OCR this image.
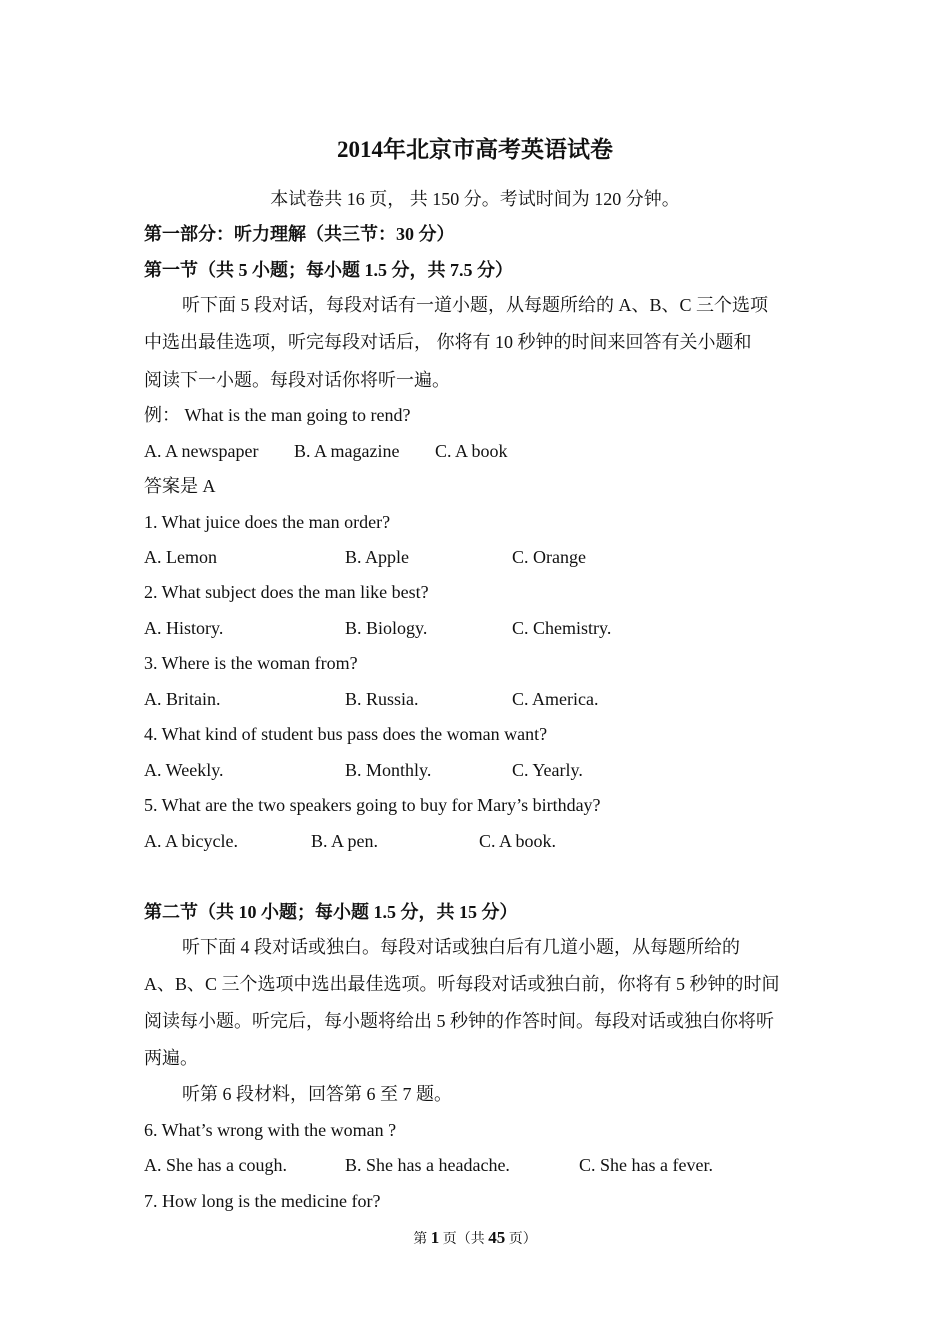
2014年北京市高考英语试卷
本试卷共 16 页， 共 150 分。考试时间为 120 分钟。
第一部分：听力理解（共三节：30 分）
第一节（共 5 小题；每小题 1.5 分，共 7.5 分）
听下面 5 段对话，每段对话有一道小题，从每题所给的 A、B、C 三个选项
中选出最佳选项，听完每段对话后， 你将有 10 秒钟的时间来回答有关小题和
阅读下一小题。每段对话你将听一遍。
例： What is the man going to rend?
A. A newspaper B. A magazine C. A book
答案是 A
1. What juice does the man order?
A. Lemon	B. Apple	C. Orange
2. What subject does the man like best?
A. History.	B. Biology.	C. Chemistry.
3. Where is the woman from?
A. Britain.	B. Russia.	C. America.
4. What kind of student bus pass does the woman want?
A. Weekly.	B. Monthly.	C. Yearly.
5. What are the two speakers going to buy for Mary’s birthday?
A. A bicycle.	B. A pen.	C. A book.
第二节（共 10 小题；每小题 1.5 分，共 15 分）
听下面 4 段对话或独白。每段对话或独白后有几道小题，从每题所给的
A、B、C 三个选项中选出最佳选项。听每段对话或独白前，你将有 5 秒钟的时间
阅读每小题。听完后，每小题将给出 5 秒钟的作答时间。每段对话或独白你将听
两遍。
听第 6 段材料，回答第 6 至 7 题。
6. What’s wrong with the woman ?
A. She has a cough.	B. She has a headache.	C. She has a fever.
7. How long is the medicine for?
第 1 页（共 45 页）
